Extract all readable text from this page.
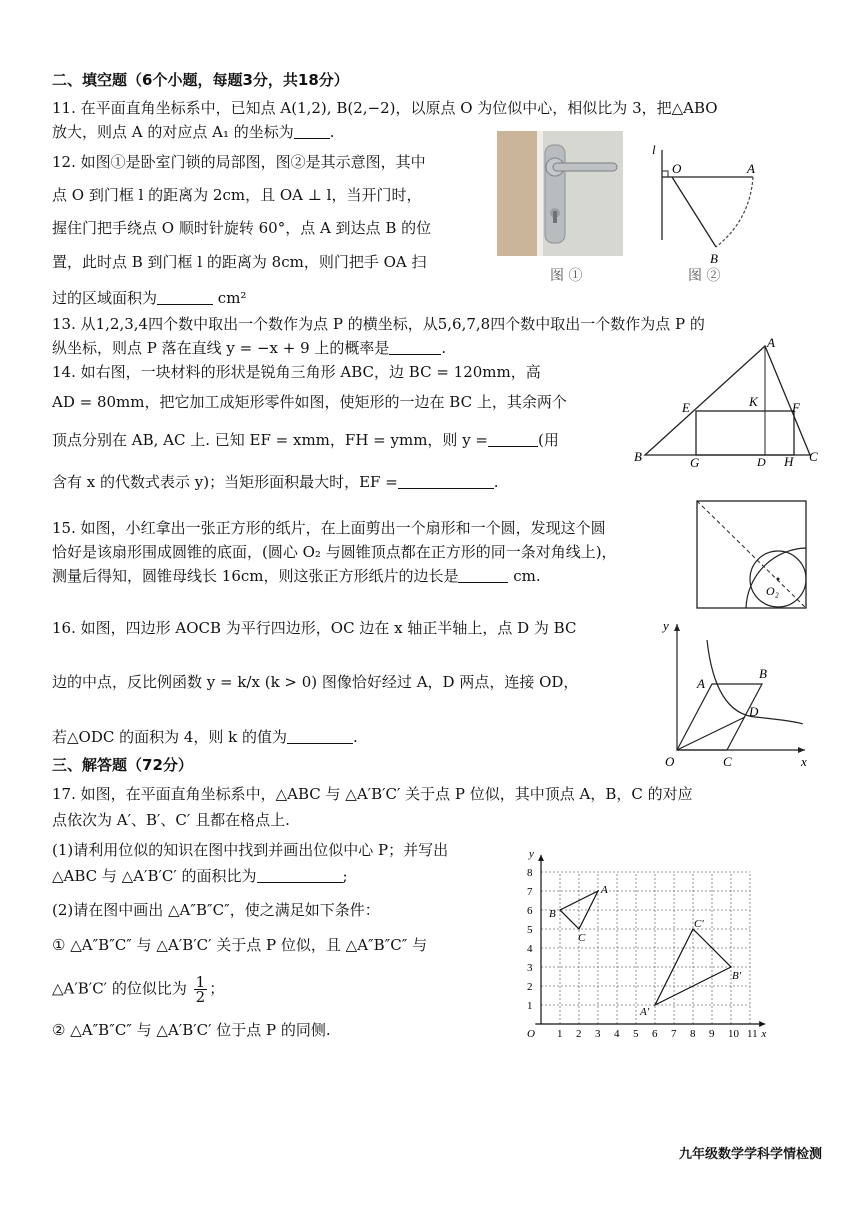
二、填空题（6个小题，每题3分，共18分）
11. 在平面直角坐标系中，已知点 A(1,2), B(2,−2)，以原点 O 为位似中心，相似比为 3，把△ABO
放大，则点 A 的对应点 A₁ 的坐标为 .
12. 如图①是卧室门锁的局部图，图②是其示意图，其中
点 O 到门框 l 的距离为 2cm，且 OA ⊥ l，当开门时，
握住门把手绕点 O 顺时针旋转 60°，点 A 到达点 B 的位
置，此时点 B 到门框 l 的距离为 8cm，则门把手 OA 扫
过的区域面积为	cm²
图 ①	图 ②
l
O	A
B
13. 从1,2,3,4四个数中取出一个数作为点 P 的横坐标，从5,6,7,8四个数中取出一个数作为点 P 的
纵坐标，则点 P 落在直线 y = −x + 9 上的概率是	.
14. 如右图，一块材料的形状是锐角三角形 ABC，边 BC = 120mm，高
AD = 80mm，把它加工成矩形零件如图，使矩形的一边在 BC 上，其余两个
顶点分别在 AB, AC 上. 已知 EF = xmm，FH = ymm，则 y =	(用
含有 x 的代数式表示 y)；当矩形面积最大时，EF =	.
A
B	C
D
E	F
G	H
K
15. 如图，小红拿出一张正方形的纸片，在上面剪出一个扇形和一个圆，发现这个圆
恰好是该扇形围成圆锥的底面，(圆心 O₂ 与圆锥顶点都在正方形的同一条对角线上)，
测量后得知，圆锥母线长 16cm，则这张正方形纸片的边长是	cm.
O₂
16. 如图，四边形 AOCB 为平行四边形，OC 边在 x 轴正半轴上，点 D 为 BC
边的中点，反比例函数 y = k/x (k > 0) 图像恰好经过 A，D 两点，连接 OD，
若△ODC 的面积为 4，则 k 的值为	.
y
x
O
A
B
C
D
三、解答题（72分）
17. 如图，在平面直角坐标系中，△ABC 与 △A′B′C′ 关于点 P 位似，其中顶点 A，B，C 的对应
点依次为 A′、B′、C′ 且都在格点上.
(1)请利用位似的知识在图中找到并画出位似中心 P；并写出
△ABC 与 △A′B′C′ 的面积比为	;
(2)请在图中画出 △A″B″C″，使之满足如下条件：
① △A″B″C″ 与 △A′B′C′ 关于点 P 位似，且 △A″B″C″ 与
△A′B′C′ 的位似比为 $\frac{1}{2}$ ；
② △A″B″C″ 与 △A′B′C′ 位于点 P 的同侧.	1 2 3 4 5 6 7 8 9 10 11
1
2
3
4
5
6
7
8
O	x
y
A
B
C
A′
B′
C′
九年级数学学科学情检测
